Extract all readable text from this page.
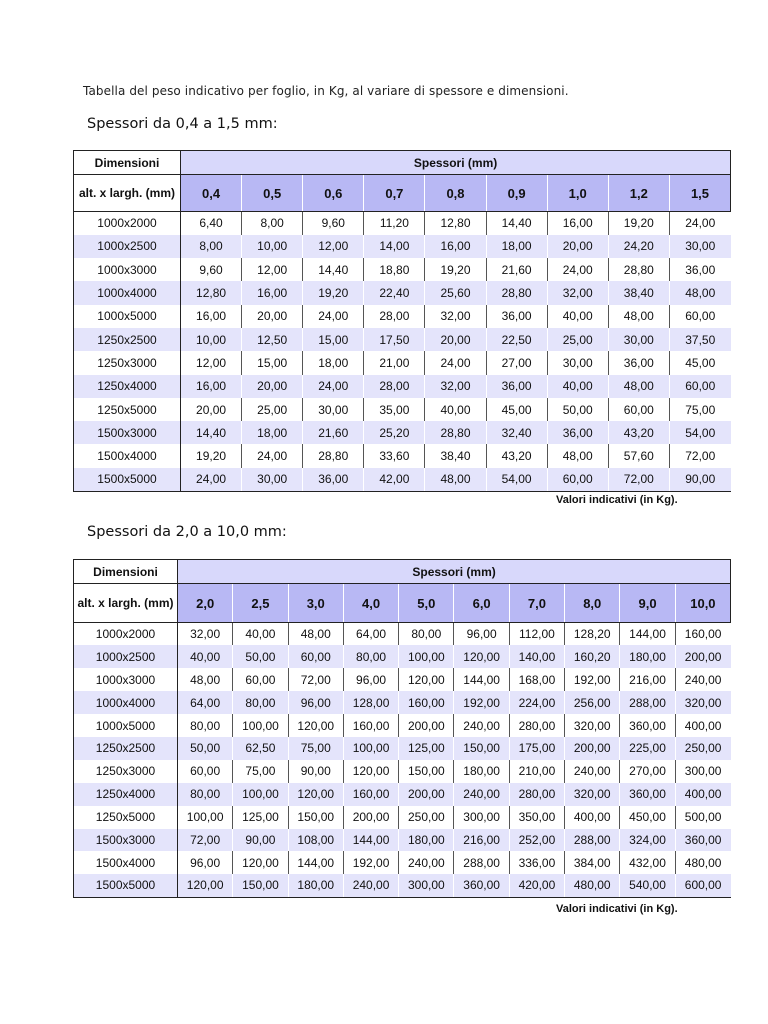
Tabella del peso indicativo per foglio, in Kg, al variare di spessore e dimensioni.
Spessori da 0,4 a 1,5 mm:
Dimensioni	Spessori (mm)								
alt. x largh. (mm)	0,4	0,5	0,6	0,7	0,8	0,9	1,0	1,2	1,5
1000x2000	6,40	8,00	9,60	11,20	12,80	14,40	16,00	19,20	24,00
1000x2500	8,00	10,00	12,00	14,00	16,00	18,00	20,00	24,20	30,00
1000x3000	9,60	12,00	14,40	18,80	19,20	21,60	24,00	28,80	36,00
1000x4000	12,80	16,00	19,20	22,40	25,60	28,80	32,00	38,40	48,00
1000x5000	16,00	20,00	24,00	28,00	32,00	36,00	40,00	48,00	60,00
1250x2500	10,00	12,50	15,00	17,50	20,00	22,50	25,00	30,00	37,50
1250x3000	12,00	15,00	18,00	21,00	24,00	27,00	30,00	36,00	45,00
1250x4000	16,00	20,00	24,00	28,00	32,00	36,00	40,00	48,00	60,00
1250x5000	20,00	25,00	30,00	35,00	40,00	45,00	50,00	60,00	75,00
1500x3000	14,40	18,00	21,60	25,20	28,80	32,40	36,00	43,20	54,00
1500x4000	19,20	24,00	28,80	33,60	38,40	43,20	48,00	57,60	72,00
1500x5000	24,00	30,00	36,00	42,00	48,00	54,00	60,00	72,00	90,00
Valori indicativi (in Kg).
Spessori da 2,0 a 10,0 mm:
Dimensioni	Spessori (mm)									
alt. x largh. (mm)	2,0	2,5	3,0	4,0	5,0	6,0	7,0	8,0	9,0	10,0
1000x2000	32,00	40,00	48,00	64,00	80,00	96,00	112,00	128,20	144,00	160,00
1000x2500	40,00	50,00	60,00	80,00	100,00	120,00	140,00	160,20	180,00	200,00
1000x3000	48,00	60,00	72,00	96,00	120,00	144,00	168,00	192,00	216,00	240,00
1000x4000	64,00	80,00	96,00	128,00	160,00	192,00	224,00	256,00	288,00	320,00
1000x5000	80,00	100,00	120,00	160,00	200,00	240,00	280,00	320,00	360,00	400,00
1250x2500	50,00	62,50	75,00	100,00	125,00	150,00	175,00	200,00	225,00	250,00
1250x3000	60,00	75,00	90,00	120,00	150,00	180,00	210,00	240,00	270,00	300,00
1250x4000	80,00	100,00	120,00	160,00	200,00	240,00	280,00	320,00	360,00	400,00
1250x5000	100,00	125,00	150,00	200,00	250,00	300,00	350,00	400,00	450,00	500,00
1500x3000	72,00	90,00	108,00	144,00	180,00	216,00	252,00	288,00	324,00	360,00
1500x4000	96,00	120,00	144,00	192,00	240,00	288,00	336,00	384,00	432,00	480,00
1500x5000	120,00	150,00	180,00	240,00	300,00	360,00	420,00	480,00	540,00	600,00
Valori indicativi (in Kg).
